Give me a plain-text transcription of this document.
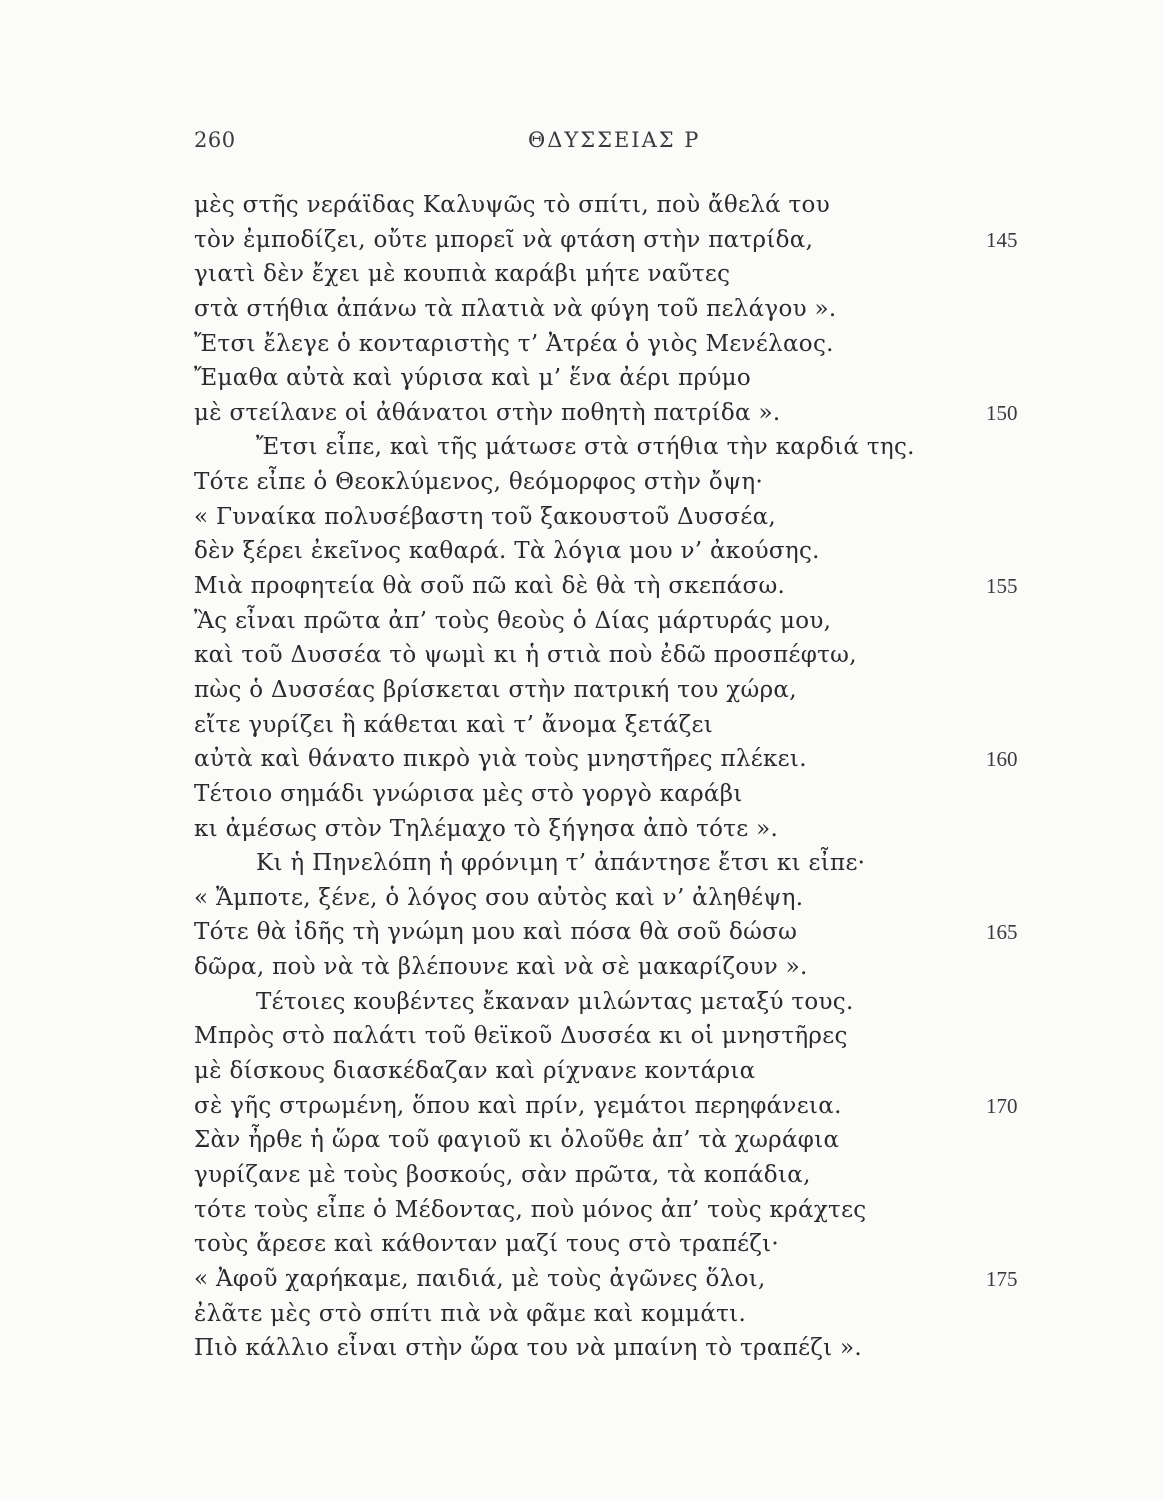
260	ΘΔΥΣΣΕΙΑΣ Ρ
μὲς στῆς νεράϊδας Καλυψῶς τὸ σπίτι, ποὺ ἄθελά του
τὸν ἐμποδίζει, οὔτε μπορεῖ νὰ φτάση στὴν πατρίδα,	145
γιατὶ δὲν ἔχει μὲ κουπιὰ καράβι μήτε ναῦτες
στὰ στήθια ἀπάνω τὰ πλατιὰ νὰ φύγη τοῦ πελάγου ».
Ἔτσι ἔλεγε ὁ κονταριστὴς τ’ Ἀτρέα ὁ γιὸς Μενέλαος.
Ἔμαθα αὐτὰ καὶ γύρισα καὶ μ’ ἕνα ἀέρι πρύμο
μὲ στείλανε οἱ ἀθάνατοι στὴν ποθητὴ πατρίδα ».	150
Ἔτσι εἶπε, καὶ τῆς μάτωσε στὰ στήθια τὴν καρδιά της.
Τότε εἶπε ὁ Θεοκλύμενος, θεόμορφος στὴν ὄψη·
« Γυναίκα πολυσέβαστη τοῦ ξακουστοῦ Δυσσέα,
δὲν ξέρει ἐκεῖνος καθαρά. Τὰ λόγια μου ν’ ἀκούσης.
Μιὰ προφητεία θὰ σοῦ πῶ καὶ δὲ θὰ τὴ σκεπάσω.	155
Ἂς εἶναι πρῶτα ἀπ’ τοὺς θεοὺς ὁ Δίας μάρτυράς μου,
καὶ τοῦ Δυσσέα τὸ ψωμὶ κι ἡ στιὰ ποὺ ἐδῶ προσπέφτω,
πὼς ὁ Δυσσέας βρίσκεται στὴν πατρική του χώρα,
εἴτε γυρίζει ἢ κάθεται καὶ τ’ ἄνομα ξετάζει
αὐτὰ καὶ θάνατο πικρὸ γιὰ τοὺς μνηστῆρες πλέκει.	160
Τέτοιο σημάδι γνώρισα μὲς στὸ γοργὸ καράβι
κι ἀμέσως στὸν Τηλέμαχο τὸ ξήγησα ἀπὸ τότε ».
Κι ἡ Πηνελόπη ἡ φρόνιμη τ’ ἀπάντησε ἔτσι κι εἶπε·
« Ἄμποτε, ξένε, ὁ λόγος σου αὐτὸς καὶ ν’ ἀληθέψη.
Τότε θὰ ἰδῆς τὴ γνώμη μου καὶ πόσα θὰ σοῦ δώσω	165
δῶρα, ποὺ νὰ τὰ βλέπουνε καὶ νὰ σὲ μακαρίζουν ».
Τέτοιες κουβέντες ἔκαναν μιλώντας μεταξύ τους.
Μπρὸς στὸ παλάτι τοῦ θεϊκοῦ Δυσσέα κι οἱ μνηστῆρες
μὲ δίσκους διασκέδαζαν καὶ ρίχνανε κοντάρια
σὲ γῆς στρωμένη, ὅπου καὶ πρίν, γεμάτοι περηφάνεια.	170
Σὰν ἦρθε ἡ ὥρα τοῦ φαγιοῦ κι ὁλοῦθε ἀπ’ τὰ χωράφια
γυρίζανε μὲ τοὺς βοσκούς, σὰν πρῶτα, τὰ κοπάδια,
τότε τοὺς εἶπε ὁ Μέδοντας, ποὺ μόνος ἀπ’ τοὺς κράχτες
τοὺς ἄρεσε καὶ κάθονταν μαζί τους στὸ τραπέζι·
« Ἀφοῦ χαρήκαμε, παιδιά, μὲ τοὺς ἀγῶνες ὅλοι,	175
ἐλᾶτε μὲς στὸ σπίτι πιὰ νὰ φᾶμε καὶ κομμάτι.
Πιὸ κάλλιο εἶναι στὴν ὥρα του νὰ μπαίνη τὸ τραπέζι ».
